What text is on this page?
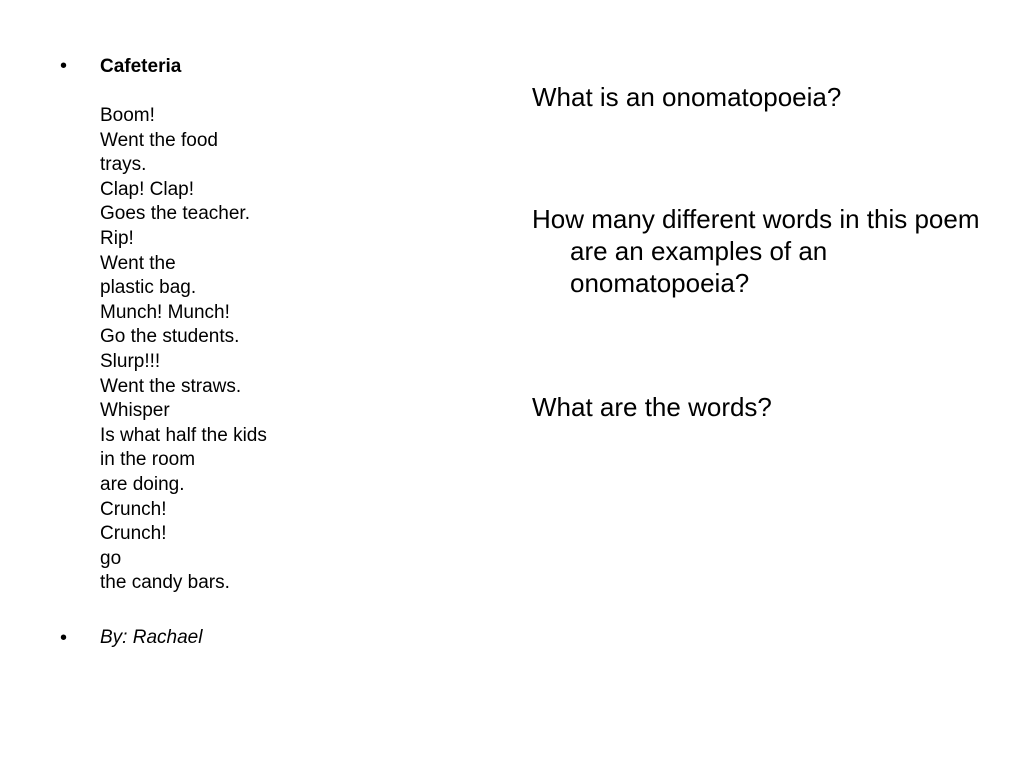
• Cafeteria
Boom!
Went the food
trays.
Clap! Clap!
Goes the teacher.
Rip!
Went the
plastic bag.
Munch! Munch!
Go the students.
Slurp!!!
Went the straws.
Whisper
Is what half the kids
in the room
are doing.
Crunch!
Crunch!
go
the candy bars.
• By: Rachael
What is an onomatopoeia?
How many different words in this poem are an examples of an onomatopoeia?
What are the words?
